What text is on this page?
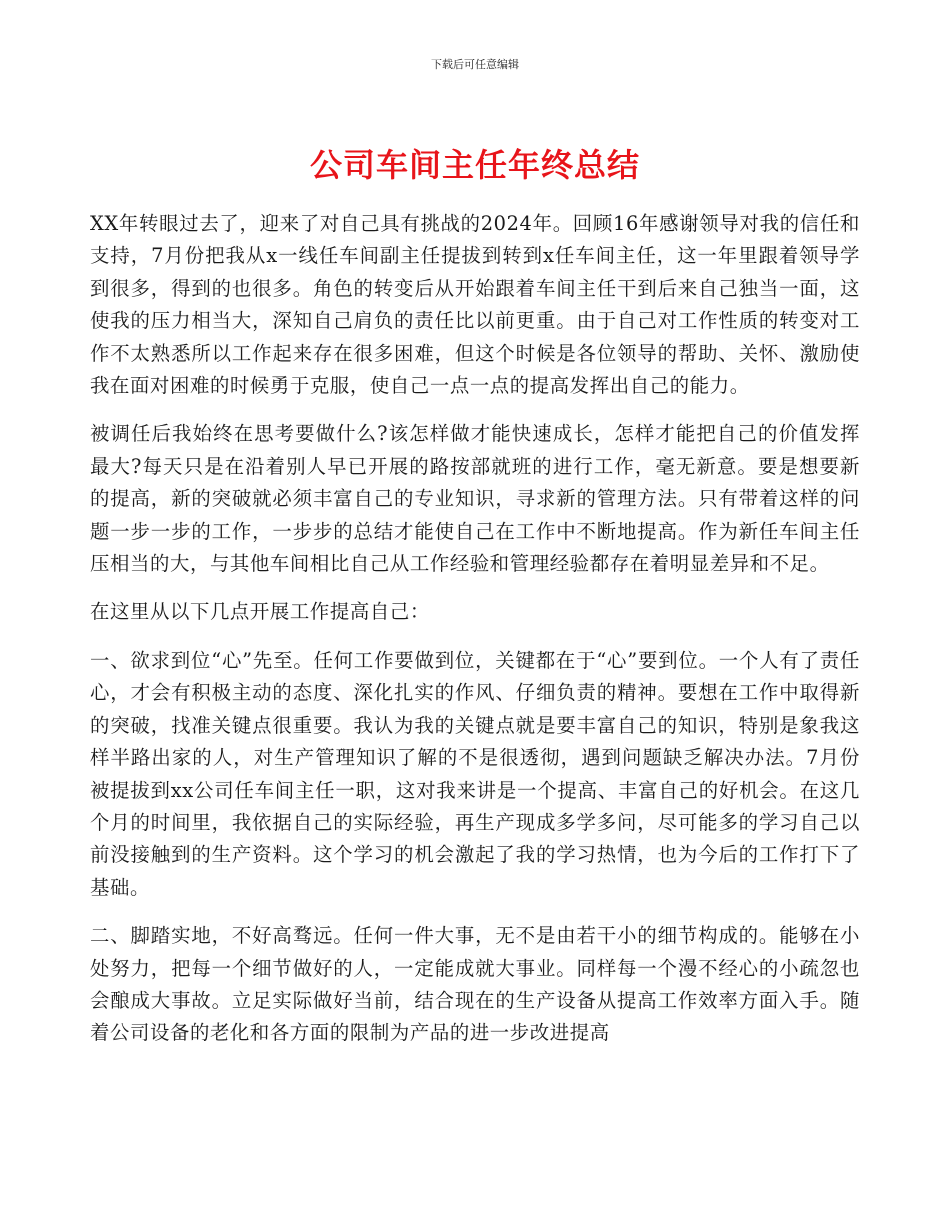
下载后可任意编辑
公司车间主任年终总结

XX年转眼过去了，迎来了对自己具有挑战的2024年。回顾16年感谢领导对我的信任和支持，7月份把我从x一线任车间副主任提拔到转到x任车间主任，这一年里跟着领导学到很多，得到的也很多。角色的转变后从开始跟着车间主任干到后来自己独当一面，这使我的压力相当大，深知自己肩负的责任比以前更重。由于自己对工作性质的转变对工作不太熟悉所以工作起来存在很多困难，但这个时候是各位领导的帮助、关怀、激励使我在面对困难的时候勇于克服，使自己一点一点的提高发挥出自己的能力。

被调任后我始终在思考要做什么?该怎样做才能快速成长，怎样才能把自己的价值发挥最大?每天只是在沿着别人早已开展的路按部就班的进行工作，毫无新意。要是想要新的提高，新的突破就必须丰富自己的专业知识，寻求新的管理方法。只有带着这样的问题一步一步的工作，一步步的总结才能使自己在工作中不断地提高。作为新任车间主任压相当的大，与其他车间相比自己从工作经验和管理经验都存在着明显差异和不足。

在这里从以下几点开展工作提高自己：

一、欲求到位“心”先至。任何工作要做到位，关键都在于“心”要到位。一个人有了责任心，才会有积极主动的态度、深化扎实的作风、仔细负责的精神。要想在工作中取得新的突破，找准关键点很重要。我认为我的关键点就是要丰富自己的知识，特别是象我这样半路出家的人，对生产管理知识了解的不是很透彻，遇到问题缺乏解决办法。7月份被提拔到xx公司任车间主任一职，这对我来讲是一个提高、丰富自己的好机会。在这几个月的时间里，我依据自己的实际经验，再生产现成多学多问，尽可能多的学习自己以前没接触到的生产资料。这个学习的机会激起了我的学习热情，也为今后的工作打下了基础。

二、脚踏实地，不好高骛远。任何一件大事，无不是由若干小的细节构成的。能够在小处努力，把每一个细节做好的人，一定能成就大事业。同样每一个漫不经心的小疏忽也会酿成大事故。立足实际做好当前，结合现在的生产设备从提高工作效率方面入手。随着公司设备的老化和各方面的限制为产品的进一步改进提高
